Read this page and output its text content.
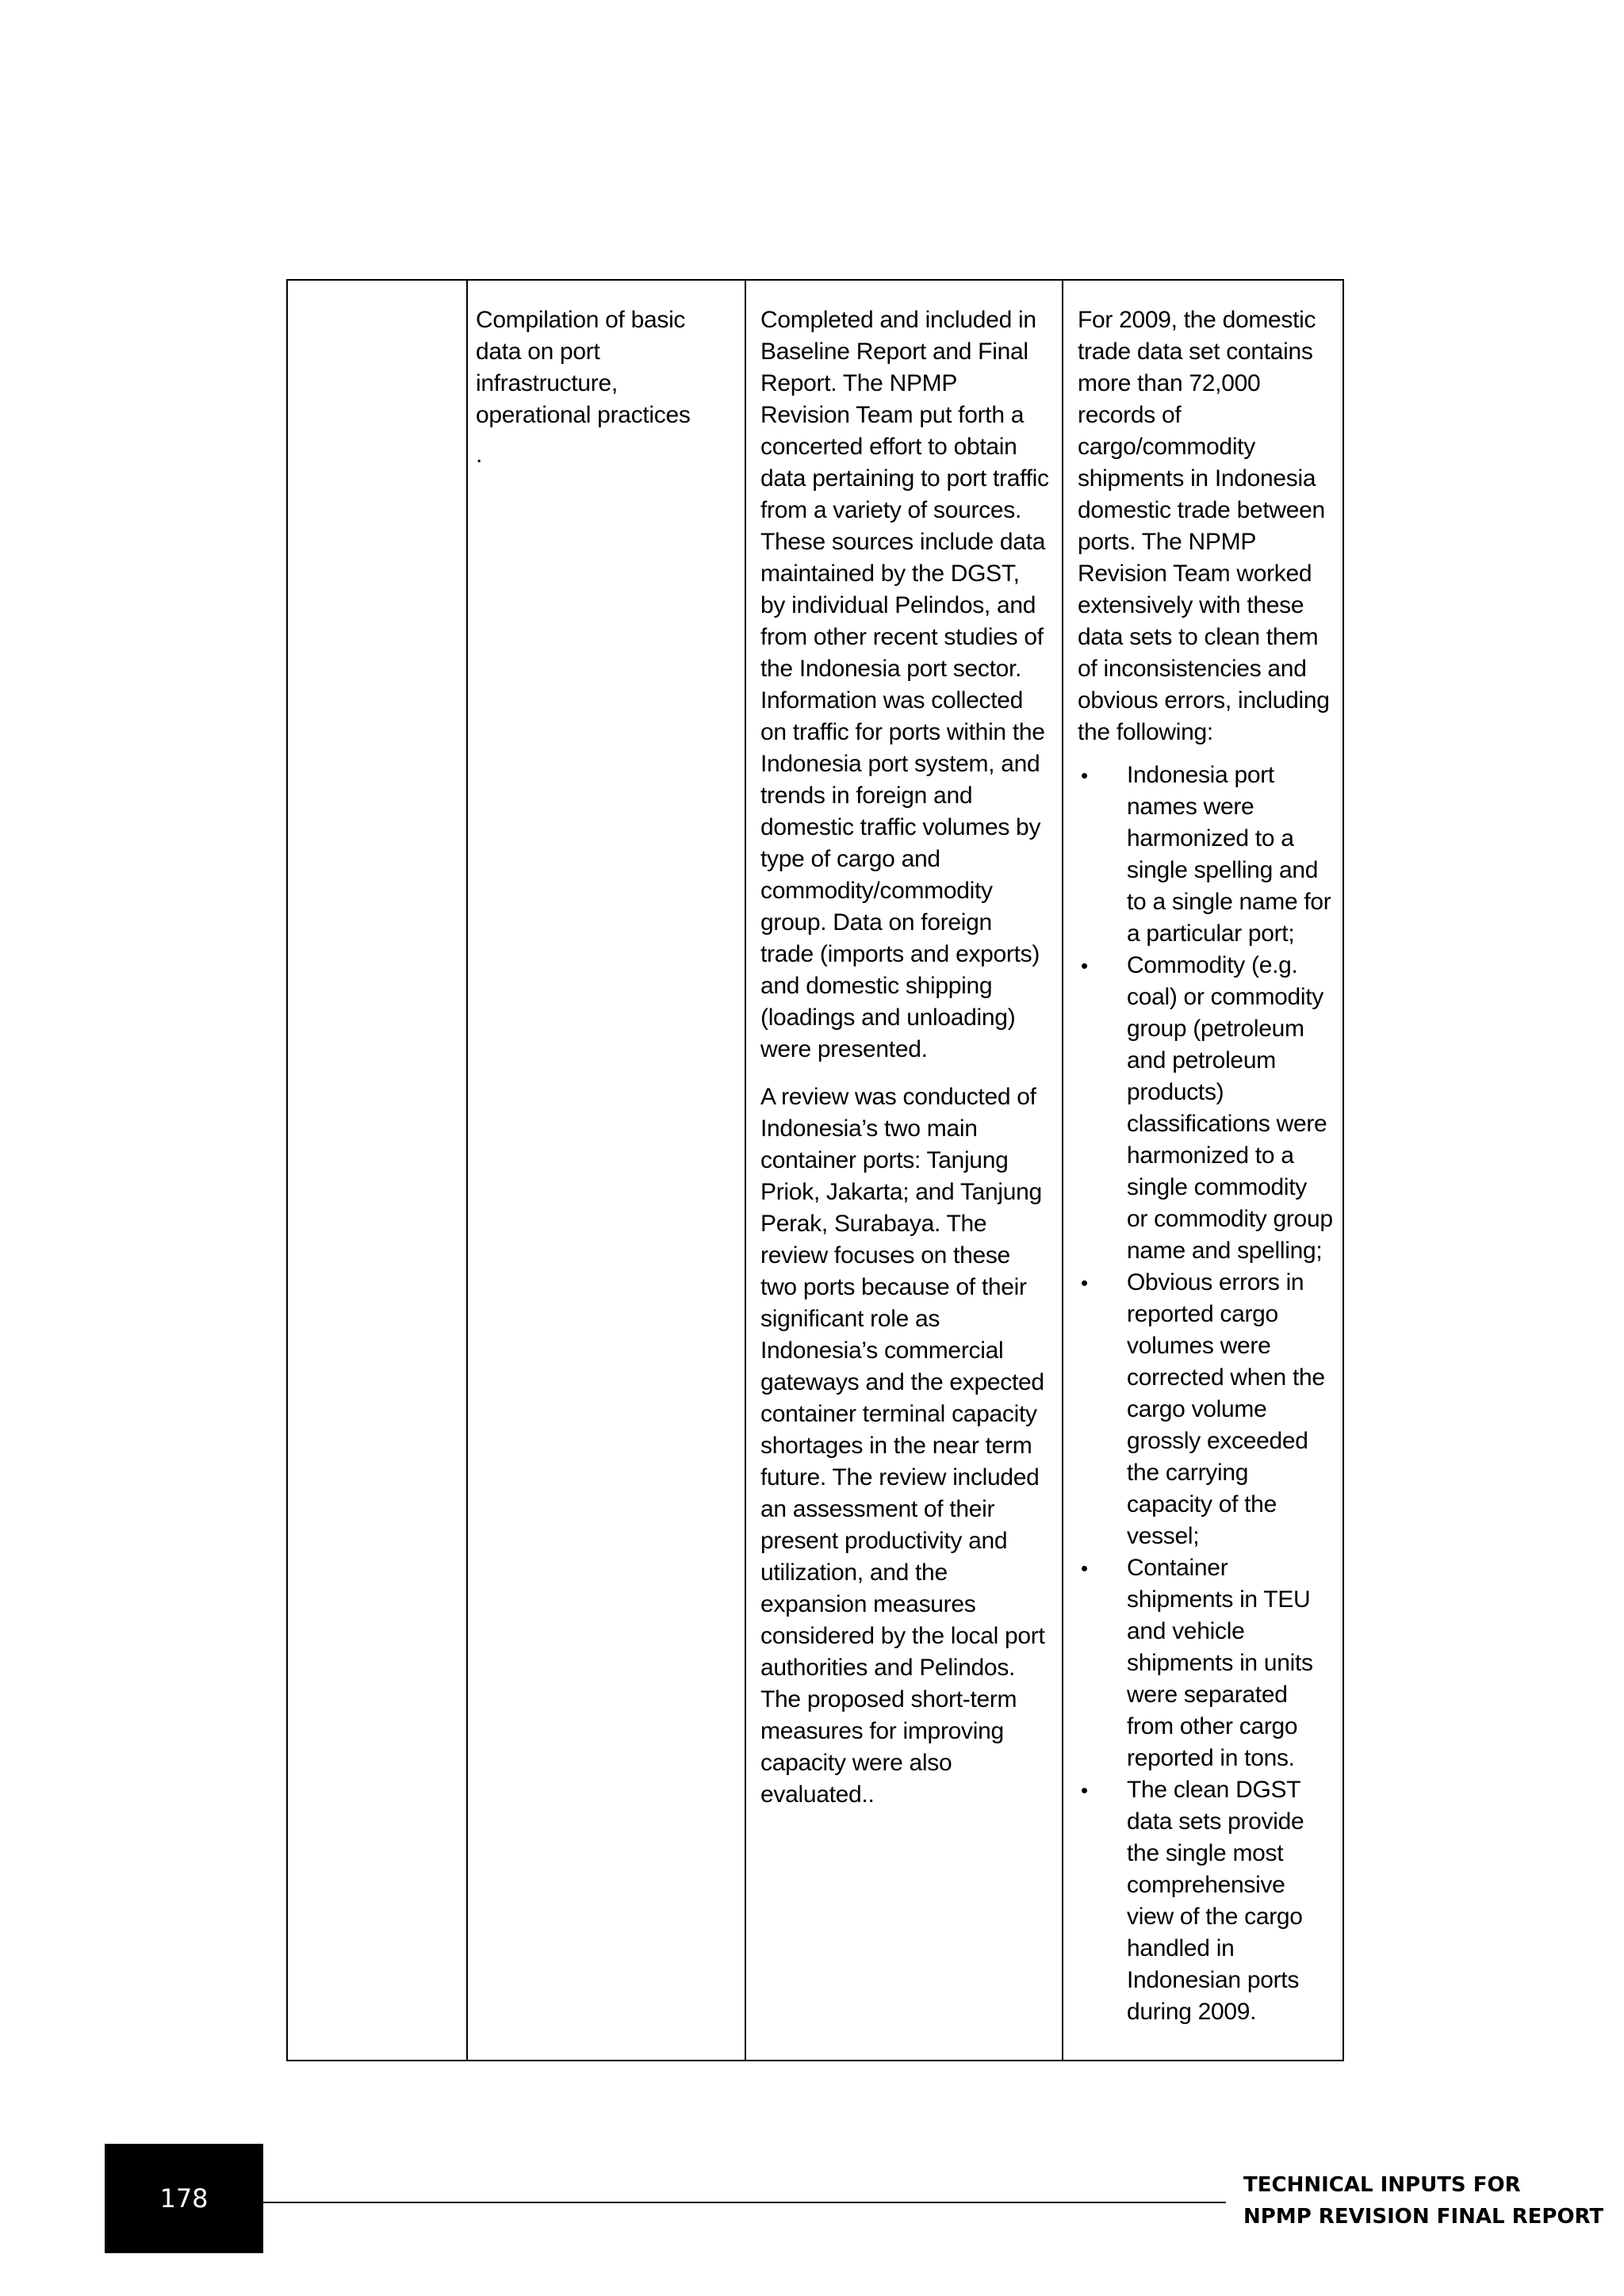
Compilation of basic data on port infrastructure, operational practices

.

Completed and included in Baseline Report and Final Report. The NPMP Revision Team put forth a concerted effort to obtain data pertaining to port traffic from a variety of sources. These sources include data maintained by the DGST, by individual Pelindos, and from other recent studies of the Indonesia port sector. Information was collected on traffic for ports within the Indonesia port system, and trends in foreign and domestic traffic volumes by type of cargo and commodity/commodity group. Data on foreign trade (imports and exports) and domestic shipping (loadings and unloading) were presented.

A review was conducted of Indonesia’s two main container ports: Tanjung Priok, Jakarta; and Tanjung Perak, Surabaya. The review focuses on these two ports because of their significant role as Indonesia’s commercial gateways and the expected container terminal capacity shortages in the near term future. The review included an assessment of their present productivity and utilization, and the expansion measures considered by the local port authorities and Pelindos. The proposed short-term measures for improving capacity were also evaluated..

For 2009, the domestic trade data set contains more than 72,000 records of cargo/commodity shipments in Indonesia domestic trade between ports. The NPMP Revision Team worked extensively with these data sets to clean them of inconsistencies and obvious errors, including the following:

• Indonesia port names were harmonized to a single spelling and to a single name for a particular port;
• Commodity (e.g. coal) or commodity group (petroleum and petroleum products) classifications were harmonized to a single commodity or commodity group name and spelling;
• Obvious errors in reported cargo volumes were corrected when the cargo volume grossly exceeded the carrying capacity of the vessel;
• Container shipments in TEU and vehicle shipments in units were separated from other cargo reported in tons.
• The clean DGST data sets provide the single most comprehensive view of the cargo handled in Indonesian ports during 2009.
178	TECHNICAL INPUTS FOR
NPMP REVISION FINAL REPORT
